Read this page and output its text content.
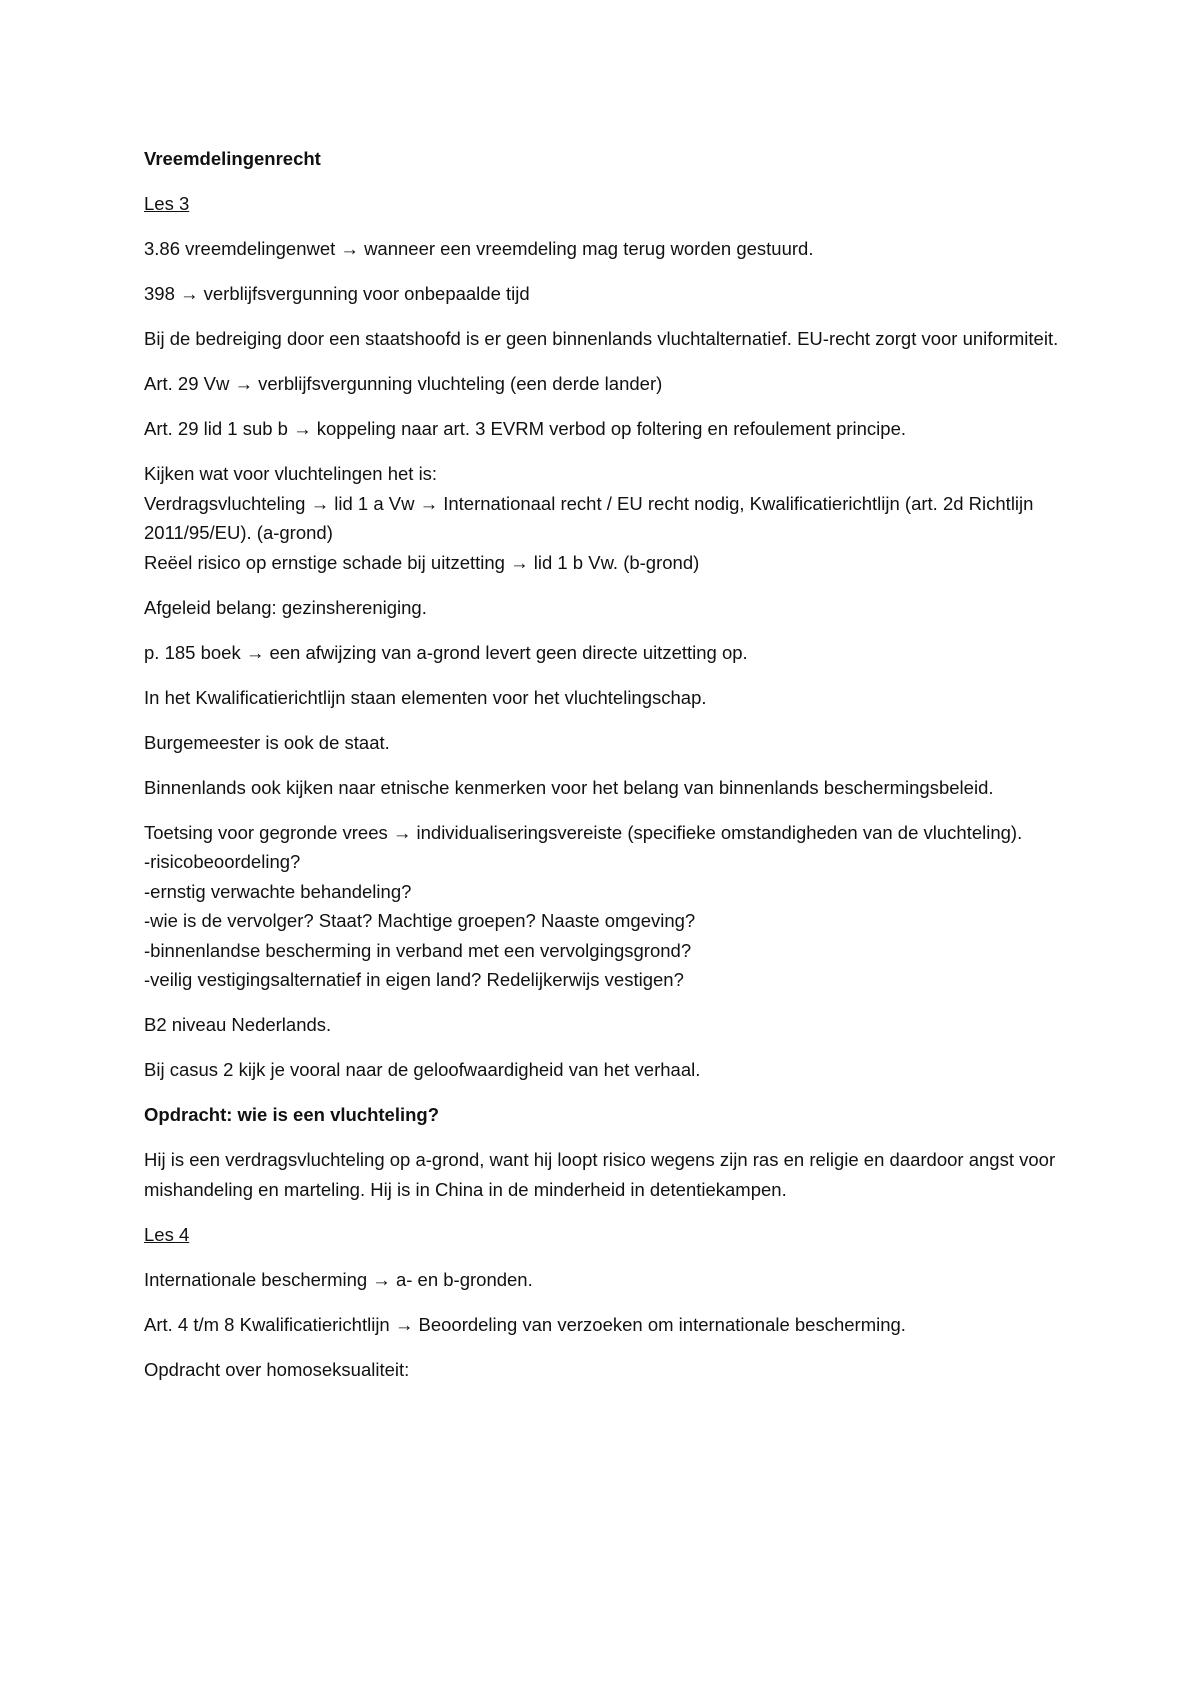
Vreemdelingenrecht

Les 3

3.86 vreemdelingenwet → wanneer een vreemdeling mag terug worden gestuurd.

398 → verblijfsvergunning voor onbepaalde tijd

Bij de bedreiging door een staatshoofd is er geen binnenlands vluchtalternatief. EU-recht zorgt voor uniformiteit.

Art. 29 Vw → verblijfsvergunning vluchteling (een derde lander)

Art. 29 lid 1 sub b → koppeling naar art. 3 EVRM verbod op foltering en refoulement principe.

Kijken wat voor vluchtelingen het is:
Verdragsvluchteling → lid 1 a Vw → Internationaal recht / EU recht nodig, Kwalificatierichtlijn (art. 2d Richtlijn 2011/95/EU). (a-grond)
Reëel risico op ernstige schade bij uitzetting → lid 1 b Vw. (b-grond)

Afgeleid belang: gezinshereniging.

p. 185 boek → een afwijzing van a-grond levert geen directe uitzetting op.

In het Kwalificatierichtlijn staan elementen voor het vluchtelingschap.

Burgemeester is ook de staat.

Binnenlands ook kijken naar etnische kenmerken voor het belang van binnenlands beschermingsbeleid.

Toetsing voor gegronde vrees → individualiseringsvereiste (specifieke omstandigheden van de vluchteling).
-risicobeoordeling?
-ernstig verwachte behandeling?
-wie is de vervolger? Staat? Machtige groepen? Naaste omgeving?
-binnenlandse bescherming in verband met een vervolgingsgrond?
-veilig vestigingsalternatief in eigen land? Redelijkerwijs vestigen?

B2 niveau Nederlands.

Bij casus 2 kijk je vooral naar de geloofwaardigheid van het verhaal.

Opdracht: wie is een vluchteling?

Hij is een verdragsvluchteling op a-grond, want hij loopt risico wegens zijn ras en religie en daardoor angst voor mishandeling en marteling. Hij is in China in de minderheid in detentiekampen.

Les 4

Internationale bescherming → a- en b-gronden.

Art. 4 t/m 8 Kwalificatierichtlijn → Beoordeling van verzoeken om internationale bescherming.

Opdracht over homoseksualiteit:
